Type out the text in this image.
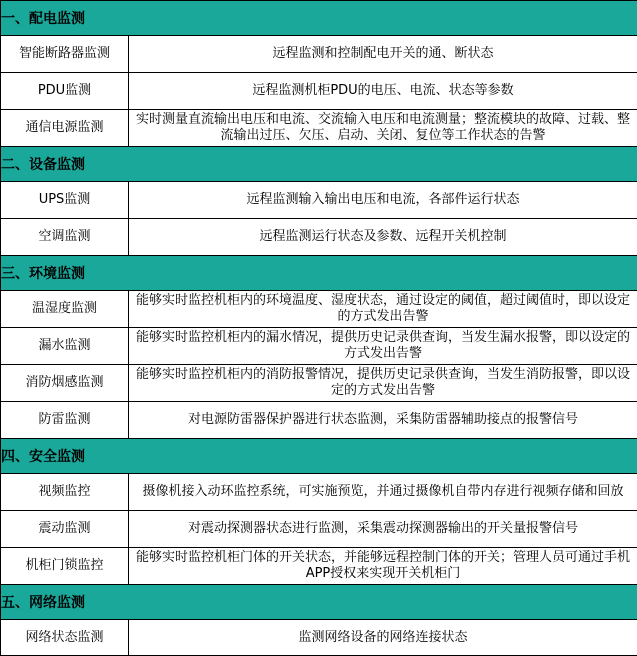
一、配电监测	
智能断路器监测	远程监测和控制配电开关的通、断状态
PDU监测	远程监测机柜PDU的电压、电流、状态等参数
通信电源监测	实时测量直流输出电压和电流、交流输入电压和电流测量；整流模块的故障、过载、整流输出过压、欠压、启动、关闭、复位等工作状态的告警
二、设备监测	
UPS监测	远程监测输入输出电压和电流，各部件运行状态
空调监测	远程监测运行状态及参数、远程开关机控制
三、环境监测	
温湿度监测	能够实时监控机柜内的环境温度、湿度状态，通过设定的阈值，超过阈值时，即以设定的方式发出告警
漏水监测	能够实时监控机柜内的漏水情况，提供历史记录供查询，当发生漏水报警，即以设定的方式发出告警
消防烟感监测	能够实时监控机柜内的消防报警情况，提供历史记录供查询，当发生消防报警，即以设定的方式发出告警
防雷监测	对电源防雷器保护器进行状态监测，采集防雷器辅助接点的报警信号
四、安全监测	
视频监控	摄像机接入动环监控系统，可实施预览，并通过摄像机自带内存进行视频存储和回放
震动监测	对震动探测器状态进行监测，采集震动探测器输出的开关量报警信号
机柜门锁监控	能够实时监控机柜门体的开关状态，并能够远程控制门体的开关；管理人员可通过手机APP授权来实现开关机柜门
五、网络监测	
网络状态监测	监测网络设备的网络连接状态
